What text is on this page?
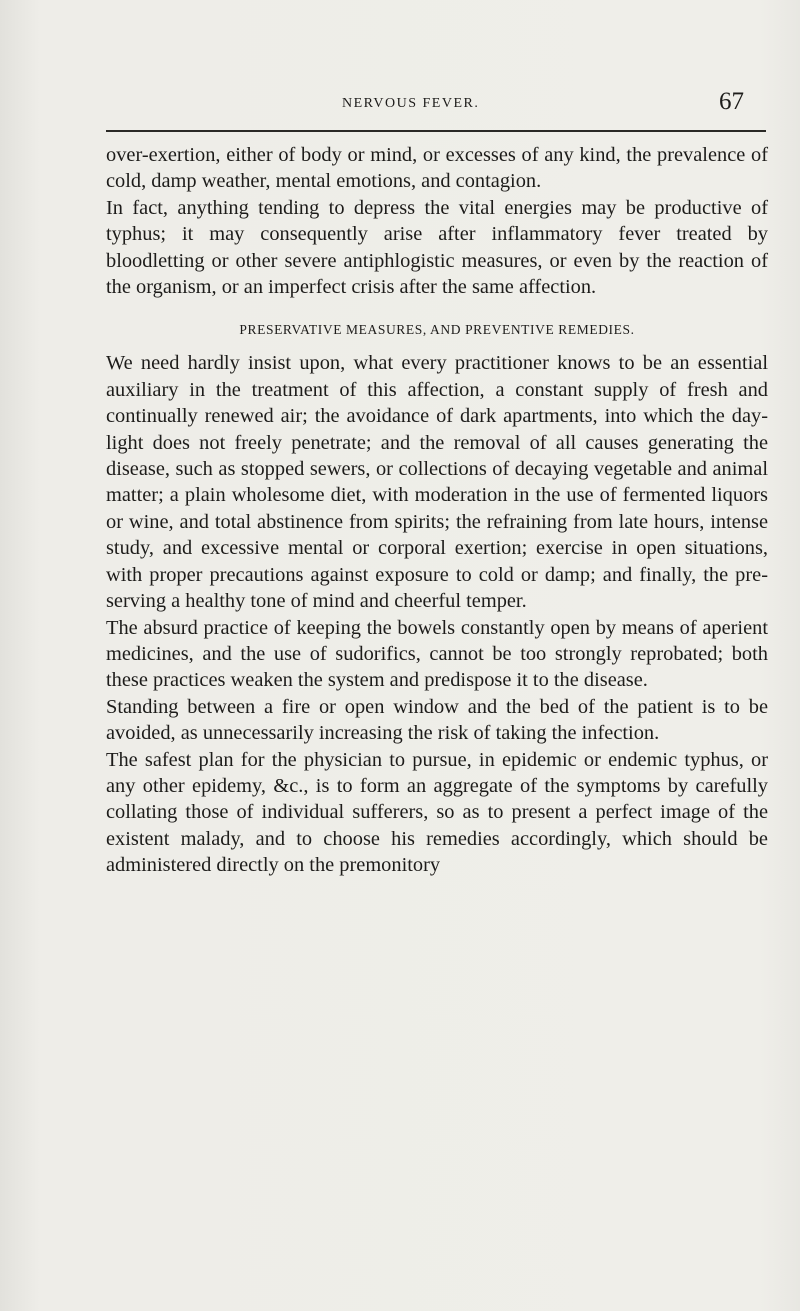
NERVOUS FEVER.	67

over-exertion, either of body or mind, or excesses of any kind, the prevalence of cold, damp weather, mental emotions, and contagion.

In fact, anything tending to depress the vital energies may be productive of typhus; it may consequently arise after inflammatory fever treated by bloodletting or other severe antiphlogistic measures, or even by the reaction of the organism, or an imperfect crisis after the same affection.

PRESERVATIVE MEASURES, AND PREVENTIVE REMEDIES.

We need hardly insist upon, what every practitioner knows to be an essential auxiliary in the treatment of this affection, a constant supply of fresh and continually renewed air; the avoidance of dark apartments, into which the day-light does not freely penetrate; and the removal of all causes generating the disease, such as stopped sewers, or collections of decaying vegetable and animal matter; a plain wholesome diet, with moderation in the use of fermented liquors or wine, and total abstinence from spirits; the refraining from late hours, intense study, and excessive mental or corporal exertion; exercise in open situations, with proper precautions against exposure to cold or damp; and finally, the preserving a healthy tone of mind and cheerful temper.

The absurd practice of keeping the bowels constantly open by means of aperient medicines, and the use of sudorifics, cannot be too strongly reprobated; both these practices weaken the system and predispose it to the disease.

Standing between a fire or open window and the bed of the patient is to be avoided, as unnecessarily increasing the risk of taking the infection.

The safest plan for the physician to pursue, in epidemic or endemic typhus, or any other epidemy, &c., is to form an aggregate of the symptoms by carefully collating those of individual sufferers, so as to present a perfect image of the existent malady, and to choose his remedies accordingly, which should be administered directly on the premonitory
